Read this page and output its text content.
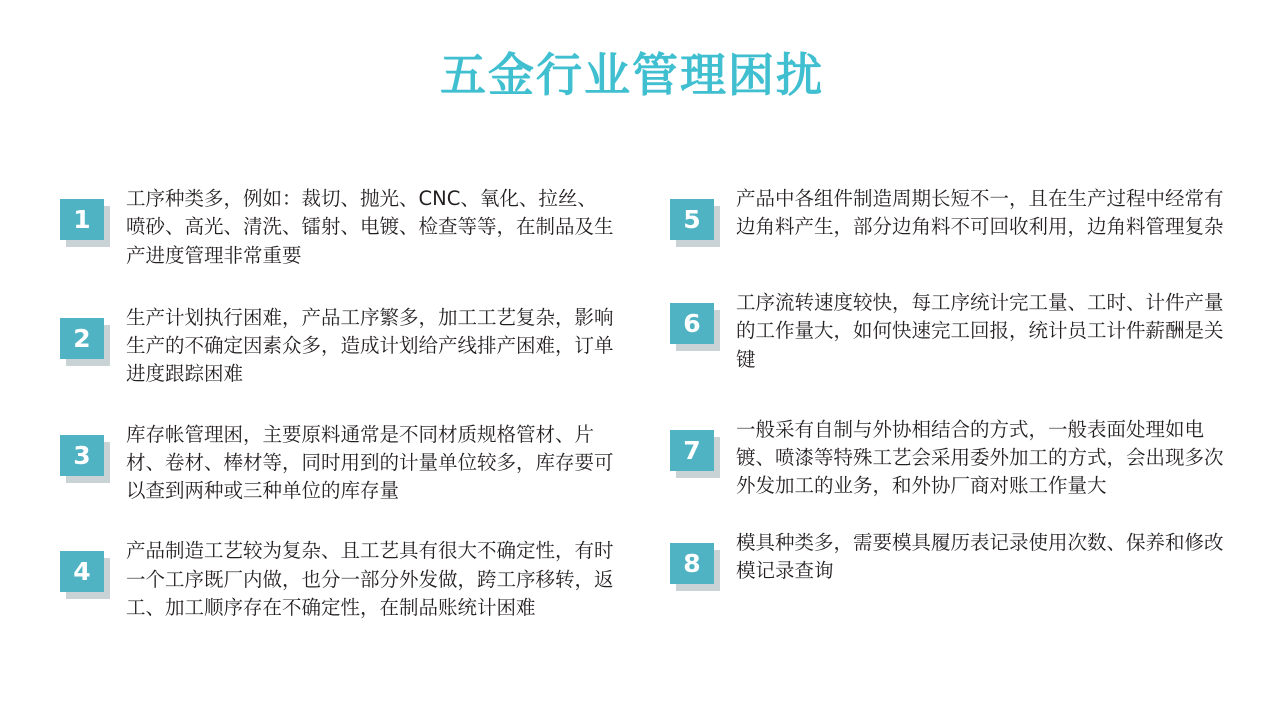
五金行业管理困扰
1
工序种类多，例如：裁切、抛光、CNC、氧化、拉丝、喷砂、高光、清洗、镭射、电镀、检查等等，在制品及生产进度管理非常重要
2
生产计划执行困难，产品工序繁多，加工工艺复杂，影响生产的不确定因素众多，造成计划给产线排产困难，订单进度跟踪困难
3
库存帐管理困，主要原料通常是不同材质规格管材、片材、卷材、棒材等，同时用到的计量单位较多，库存要可以查到两种或三种单位的库存量
4
产品制造工艺较为复杂、且工艺具有很大不确定性，有时一个工序既厂内做，也分一部分外发做，跨工序移转，返工、加工顺序存在不确定性，在制品账统计困难
5
产品中各组件制造周期长短不一，且在生产过程中经常有边角料产生，部分边角料不可回收利用，边角料管理复杂
6
工序流转速度较快，每工序统计完工量、工时、计件产量的工作量大，如何快速完工回报，统计员工计件薪酬是关键
7
一般采有自制与外协相结合的方式，一般表面处理如电镀、喷漆等特殊工艺会采用委外加工的方式，会出现多次外发加工的业务，和外协厂商对账工作量大
8
模具种类多，需要模具履历表记录使用次数、保养和修改模记录查询
